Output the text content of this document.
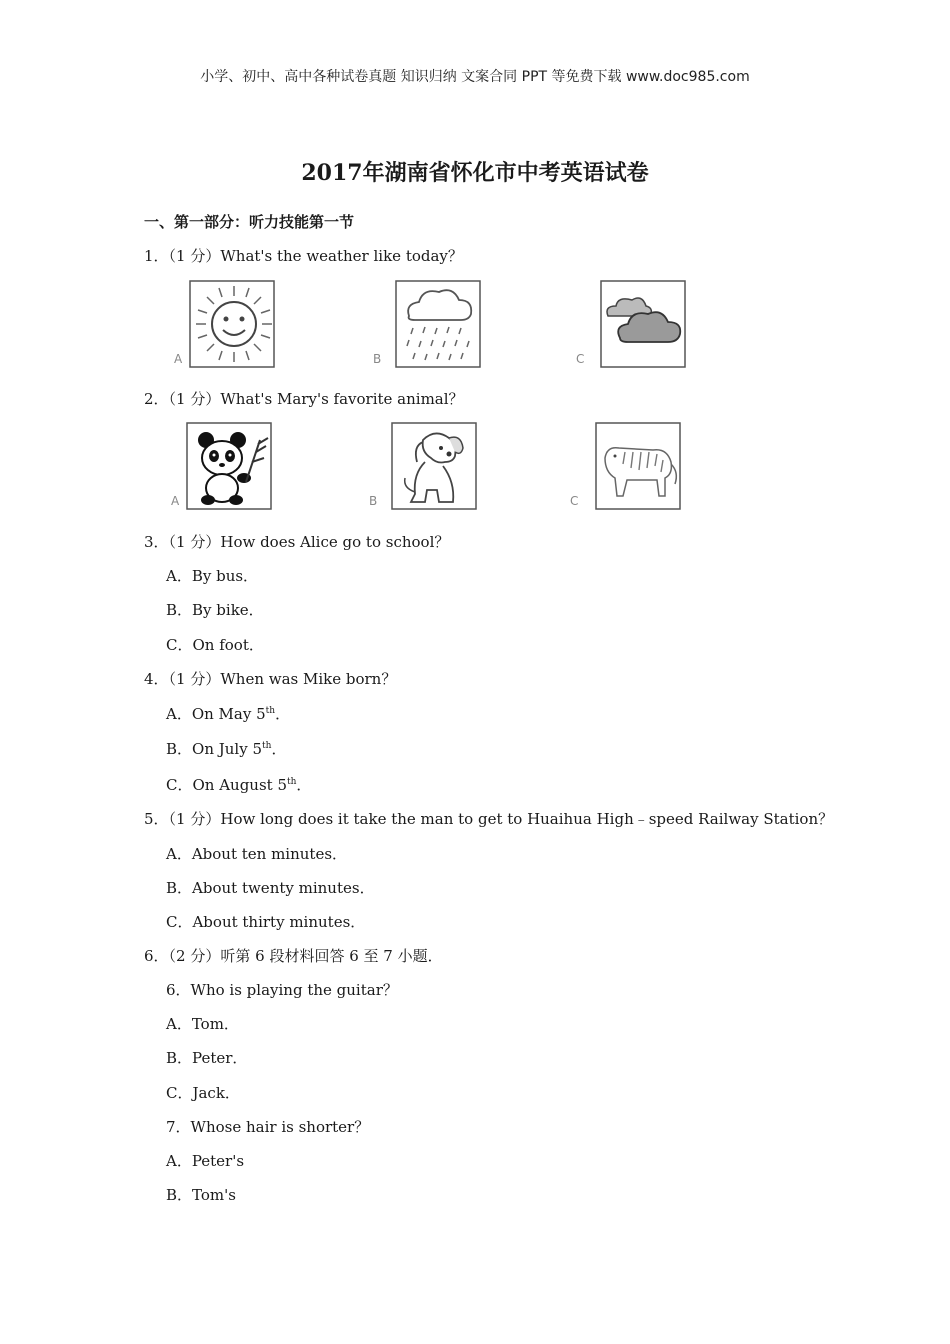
小学、初中、高中各种试卷真题 知识归纳 文案合同 PPT 等免费下载 www.doc985.com
2017年湖南省怀化市中考英语试卷
一、第一部分：听力技能第一节
1．（1 分）What's the weather like today？
A	B	C
2．（1 分）What's Mary's favorite animal？
A	B	C
3．（1 分）How does Alice go to school？
A．By bus．
B．By bike．
C．On foot．
4．（1 分）When was Mike born？
A．On May 5th．
B．On July 5th．
C．On August 5th．
5．（1 分）How long does it take the man to get to Huaihua High﹣speed Railway Station？
A．About ten minutes．
B．About twenty minutes．
C．About thirty minutes．
6．（2 分）听第 6 段材料回答 6 至 7 小题．
6．Who is playing the guitar？
A．Tom．
B．Peter．
C．Jack．
7．Whose hair is shorter？
A．Peter's
B．Tom's
